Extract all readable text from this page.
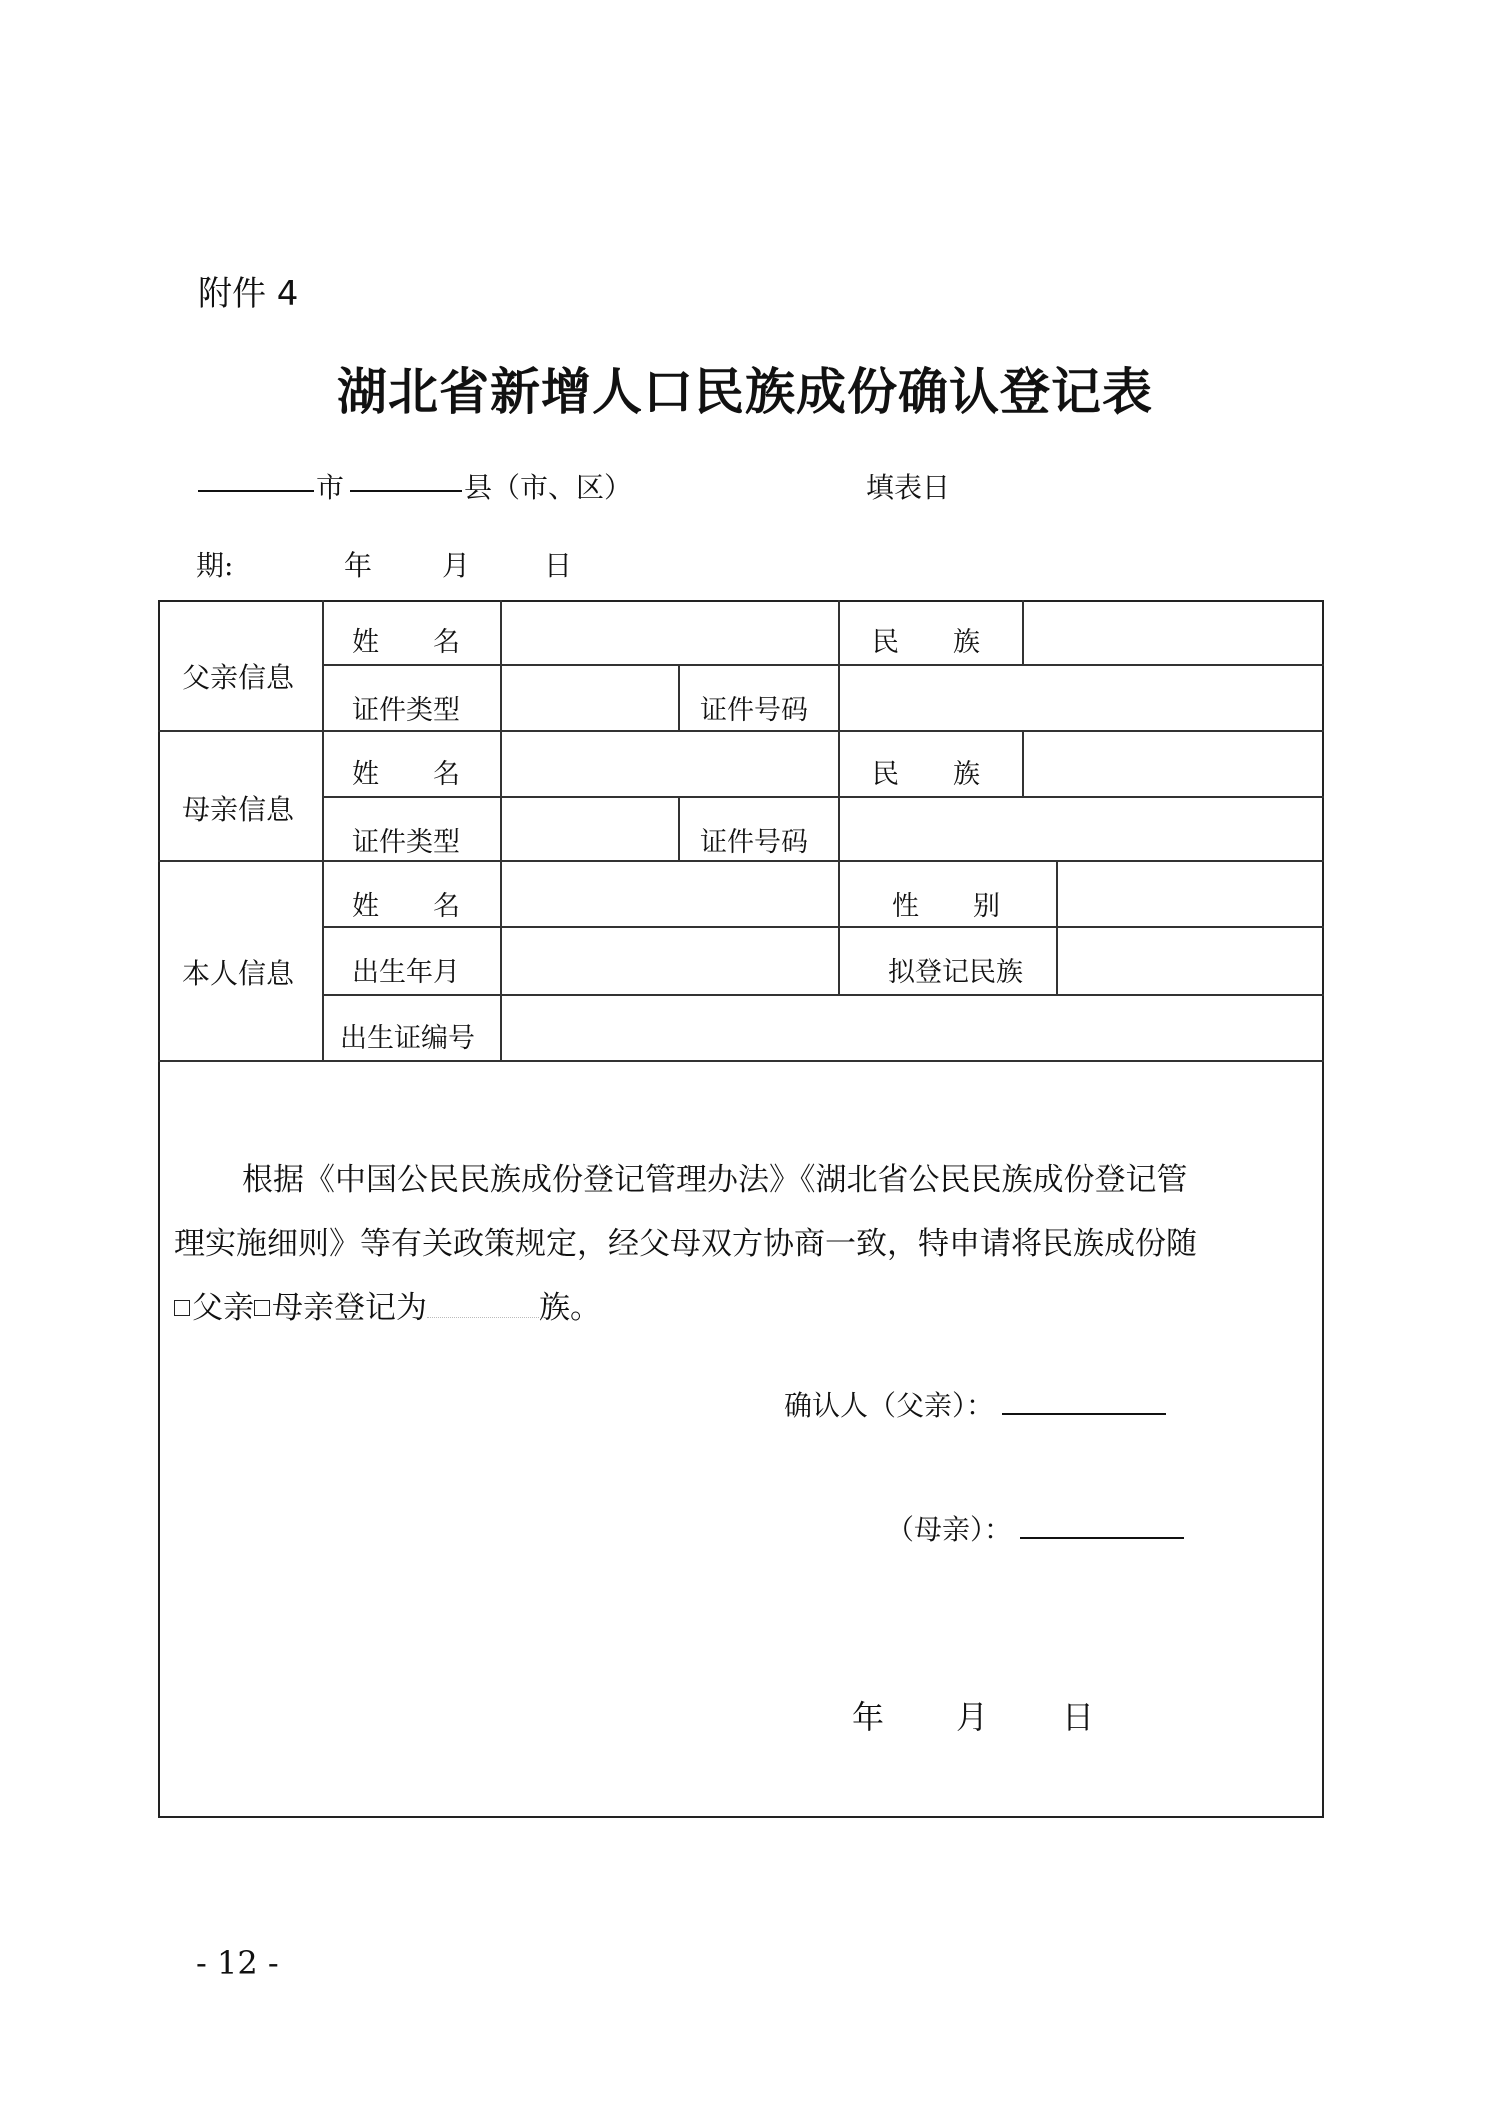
附件 4
湖北省新增人口民族成份确认登记表
市	县（市、区）	填表日
期:	年 月	日
父亲信息
姓　　名	民　　族
证件类型	证件号码
母亲信息
姓　　名	民　　族
证件类型	证件号码
本人信息
姓　　名	性　　别
出生年月	拟登记民族
出生证编号
根据《中国公民民族成份登记管理办法》《湖北省公民民族成份登记管
理实施细则》等有关政策规定，经父母双方协商一致，特申请将民族成份随
父亲 母亲登记为	族。
确认人（父亲）：
（母亲）：
年 月 日
- 12 -
